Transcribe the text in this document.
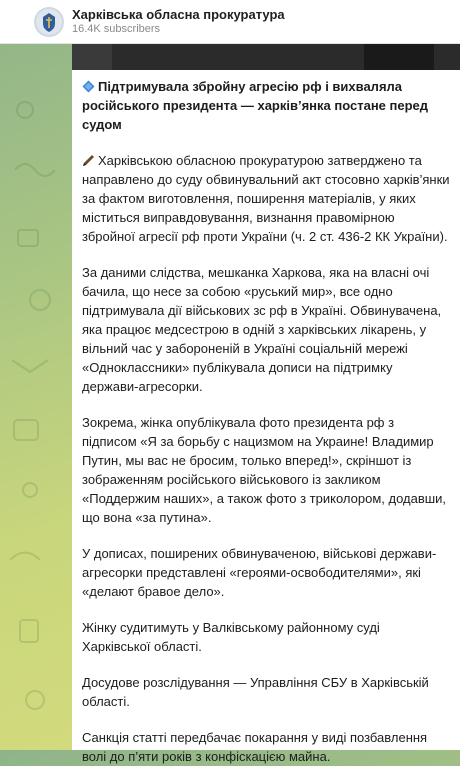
Харківська обласна прокуратура
16.4K subscribers

Підтримувала збройну агресію рф і вихваляла російського президента — харків’янка постане перед судом

Харківською обласною прокуратурою затверджено та направлено до суду обвинувальний акт стосовно харків’янки за фактом виготовлення, поширення матеріалів, у яких міститься виправдовування, визнання правомірною збройної агресії рф проти України (ч. 2 ст. 436-2 КК України).

За даними слідства, мешканка Харкова, яка на власні очі бачила, що несе за собою «руський мир», все одно підтримувала дії військових зс рф в Україні. Обвинувачена, яка працює медсестрою в одній з харківських лікарень, у вільний час у забороненій в Україні соціальній мережі «Одноклассники» публікувала дописи на підтримку держави-агресорки.

Зокрема, жінка опублікувала фото президента рф з підписом «Я за борьбу с нацизмом на Украине! Владимир Путин, мы вас не бросим, только вперед!», скріншот із зображенням російського військового із закликом «Поддержим наших», а також фото з триколором, додавши, що вона «за путина».

У дописах, поширених обвинуваченою, військові держави-агресорки представлені «героями-освободителями», які «делают бравое дело».

Жінку судитимуть у Валківському районному суді Харківської області.

Досудове розслідування — Управління СБУ в Харківській області.

Санкція статті передбачає покарання у виді позбавлення волі до п’яти років з конфіскацією майна.
